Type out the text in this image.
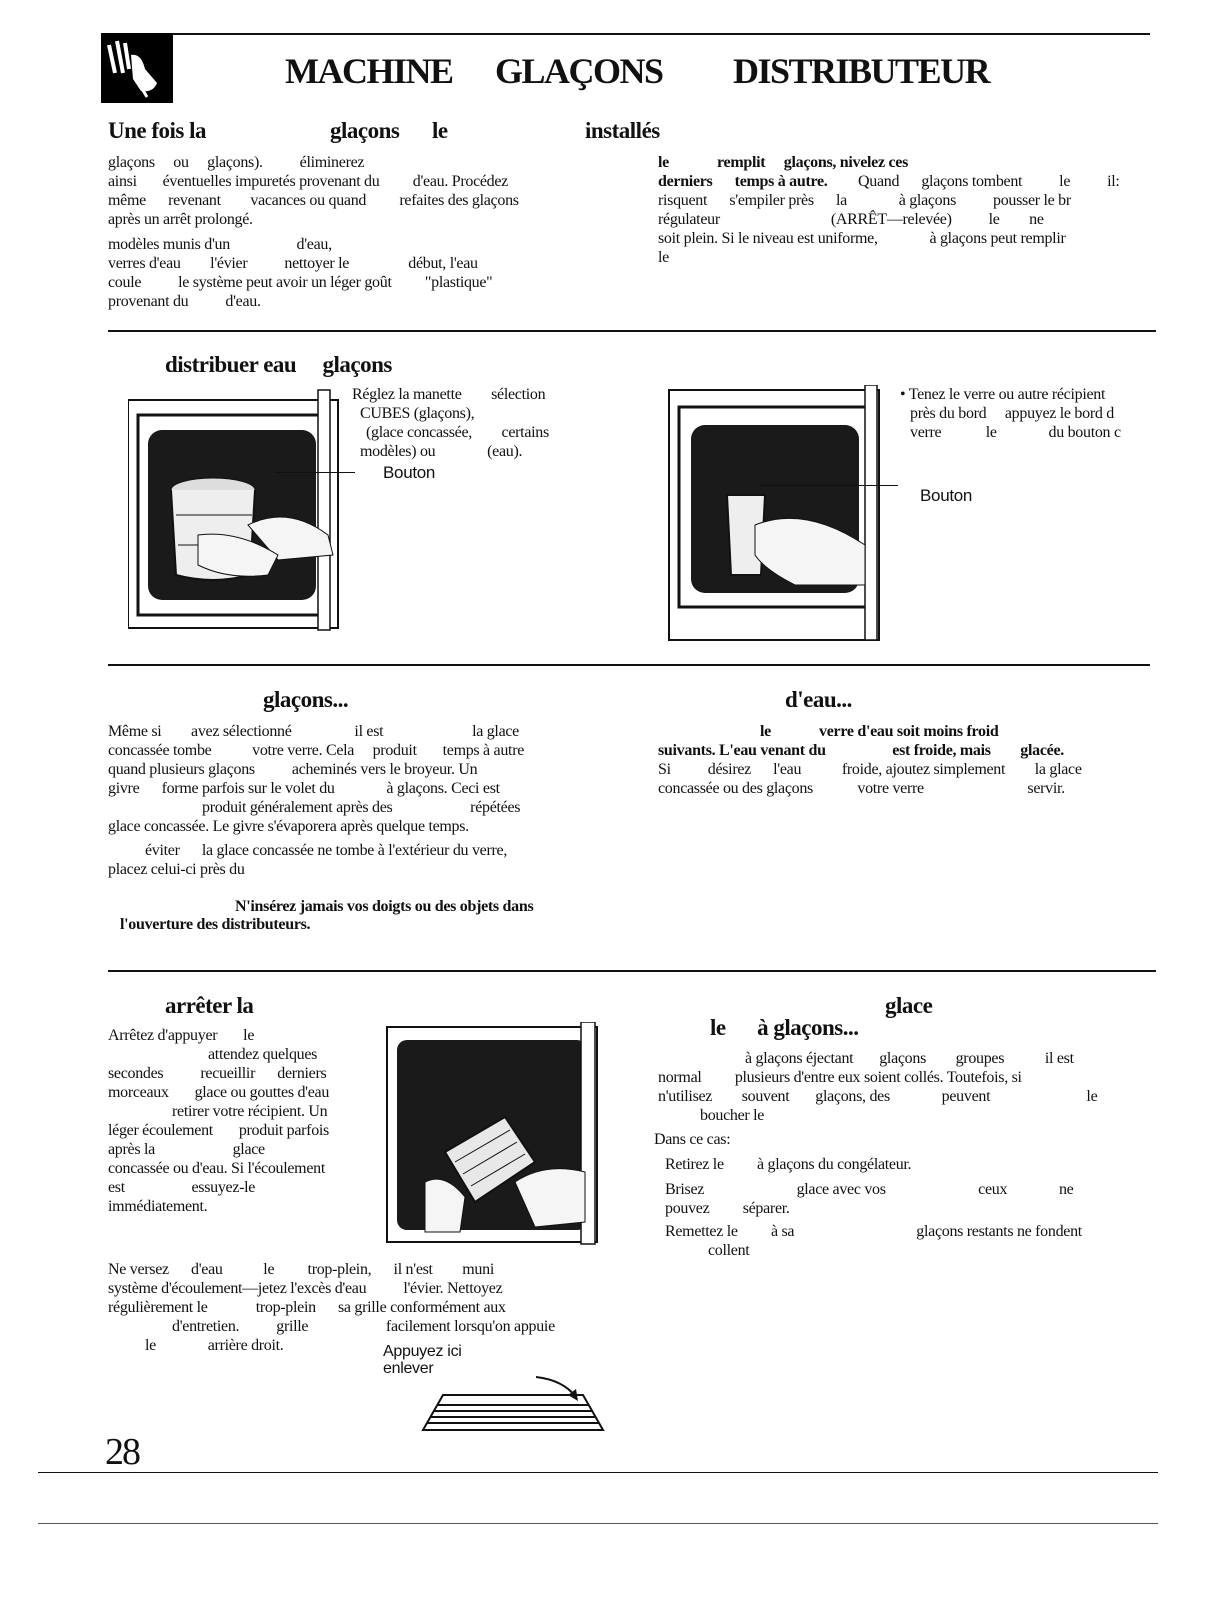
MACHINE GLAÇONS DISTRIBUTEUR
Une fois la	glaçons le	installés
glaçons     ou     glaçons).          éliminerez
ainsi       éventuelles impuretés provenant du         d'eau. Procédez
même      revenant        vacances ou quand         refaites des glaçons
après un arrêt prolongé.
modèles munis d'un                  d'eau,
verres d'eau        l'évier          nettoyer le                début, l'eau
coule          le système peut avoir un léger goût         "plastique"
provenant du          d'eau.
le             remplit     glaçons, nivelez ces
derniers      temps à autre. Quand      glaçons tombent          le          il:
risquent      s'empiler près      la              à glaçons          pousser le br
régulateur                              (ARRÊT—relevée)          le        ne
soit plein. Si le niveau est uniforme,              à glaçons peut remplir
le
distribuer eau     glaçons
Bouton
Réglez la manette        sélection
CUBES (glaçons),
(glace concassée,        certains
modèles) ou              (eau).
Bouton
• Tenez le verre ou autre récipient
près du bord     appuyez le bord d
verre            le              du bouton c
glaçons...
Même si        avez sélectionné                 il est                        la glace
concassée tombe           votre verre. Cela     produit       temps à autre
quand plusieurs glaçons          acheminés vers le broyeur. Un
givre      forme parfois sur le volet du              à glaçons. Ceci est
produit généralement après des                     répétées
glace concassée. Le givre s'évaporera après quelque temps.
éviter      la glace concassée ne tombe à l'extérieur du verre,
placez celui-ci près du
N'insérez jamais vos doigts ou des objets dans
l'ouverture des distributeurs.
d'eau...
le             verre d'eau soit moins froid
suivants. L'eau venant du                  est froide, mais        glacée.
Si          désirez      l'eau           froide, ajoutez simplement        la glace
concassée ou des glaçons            votre verre                            servir.
arrêter la
Arrêtez d'appuyer       le
attendez quelques
secondes          recueillir      derniers
morceaux       glace ou gouttes d'eau
retirer votre récipient. Un
léger écoulement       produit parfois
après la                     glace
concassée ou d'eau. Si l'écoulement
est                  essuyez-le
immédiatement.
Ne versez      d'eau           le         trop-plein,      il n'est        muni
système d'écoulement—jetez l'excès d'eau          l'évier. Nettoyez
régulièrement le             trop-plein      sa grille conformément aux
d'entretien.          grille                     facilement lorsqu'on appuie
le              arrière droit.	Appuyez ici
enlever
glace
le      à glaçons...
à glaçons éjectant       glaçons        groupes           il est
normal         plusieurs d'entre eux soient collés. Toutefois, si
n'utilisez        souvent       glaçons, des              peuvent                          le
boucher le
Dans ce cas:
Retirez le         à glaçons du congélateur.
Brisez                         glace avec vos                         ceux              ne
pouvez         séparer.
Remettez le         à sa                                 glaçons restants ne fondent
collent
28
